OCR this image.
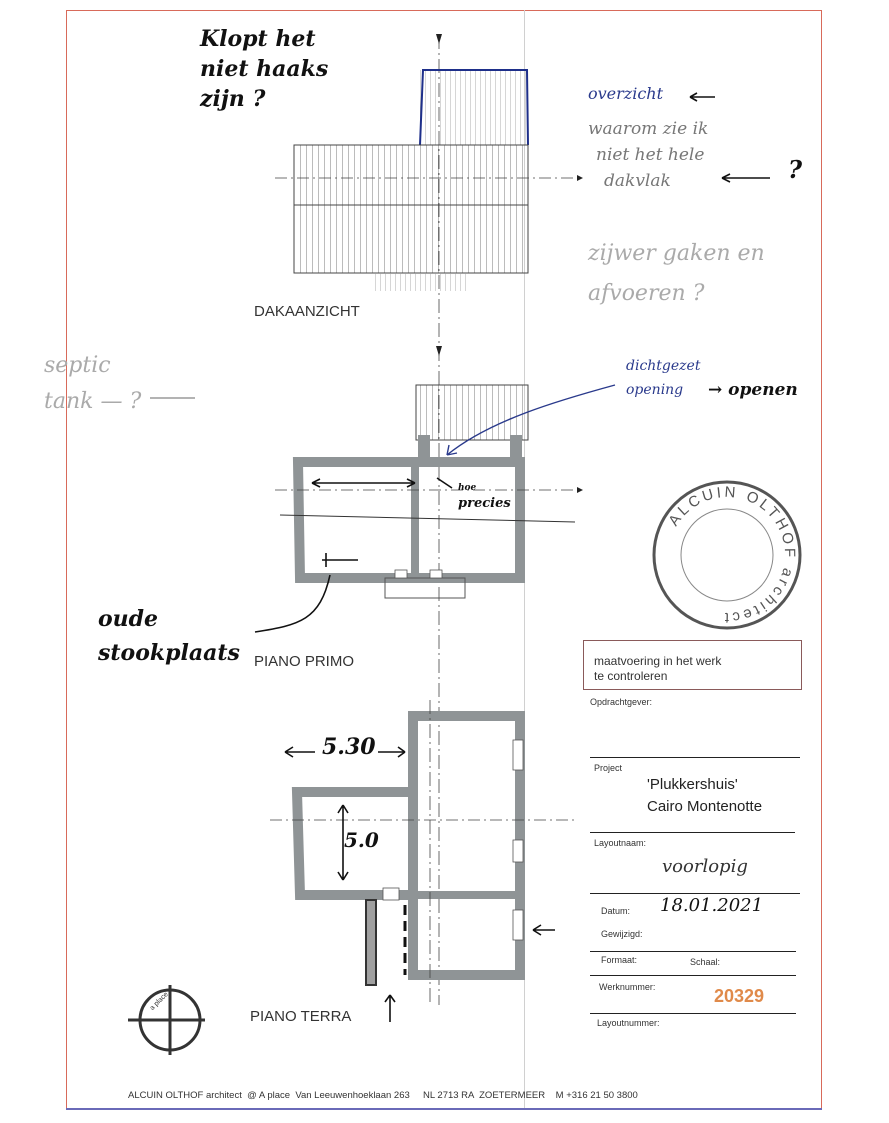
ALCUIN OLTHOF architect
DAKAANZICHT
PIANO PRIMO
PIANO TERRA
Klopt het
niet haaks
zijn ?	overzicht
waarom zie ik
niet het hele
dakvlak	?
zijwer gaken en
afvoeren ?
septic
tank — ?
dichtgezet
opening	→ openen
hoe
precies
oude
stookplaats
5.30
5.0
maatvoering in het werk
te controleren
Opdrachtgever:
Project
'Plukkershuis'
Cairo Montenotte
Layoutnaam:
voorlopig
Datum: 18.01.2021
Gewijzigd:
Formaat:	Schaal:
Werknummer:	20329
Layoutnummer:
a place
ALCUIN OLTHOF architect  @ A place  Van Leeuwenhoeklaan 263     NL 2713 RA  ZOETERMEER    M +316 21 50 3800
